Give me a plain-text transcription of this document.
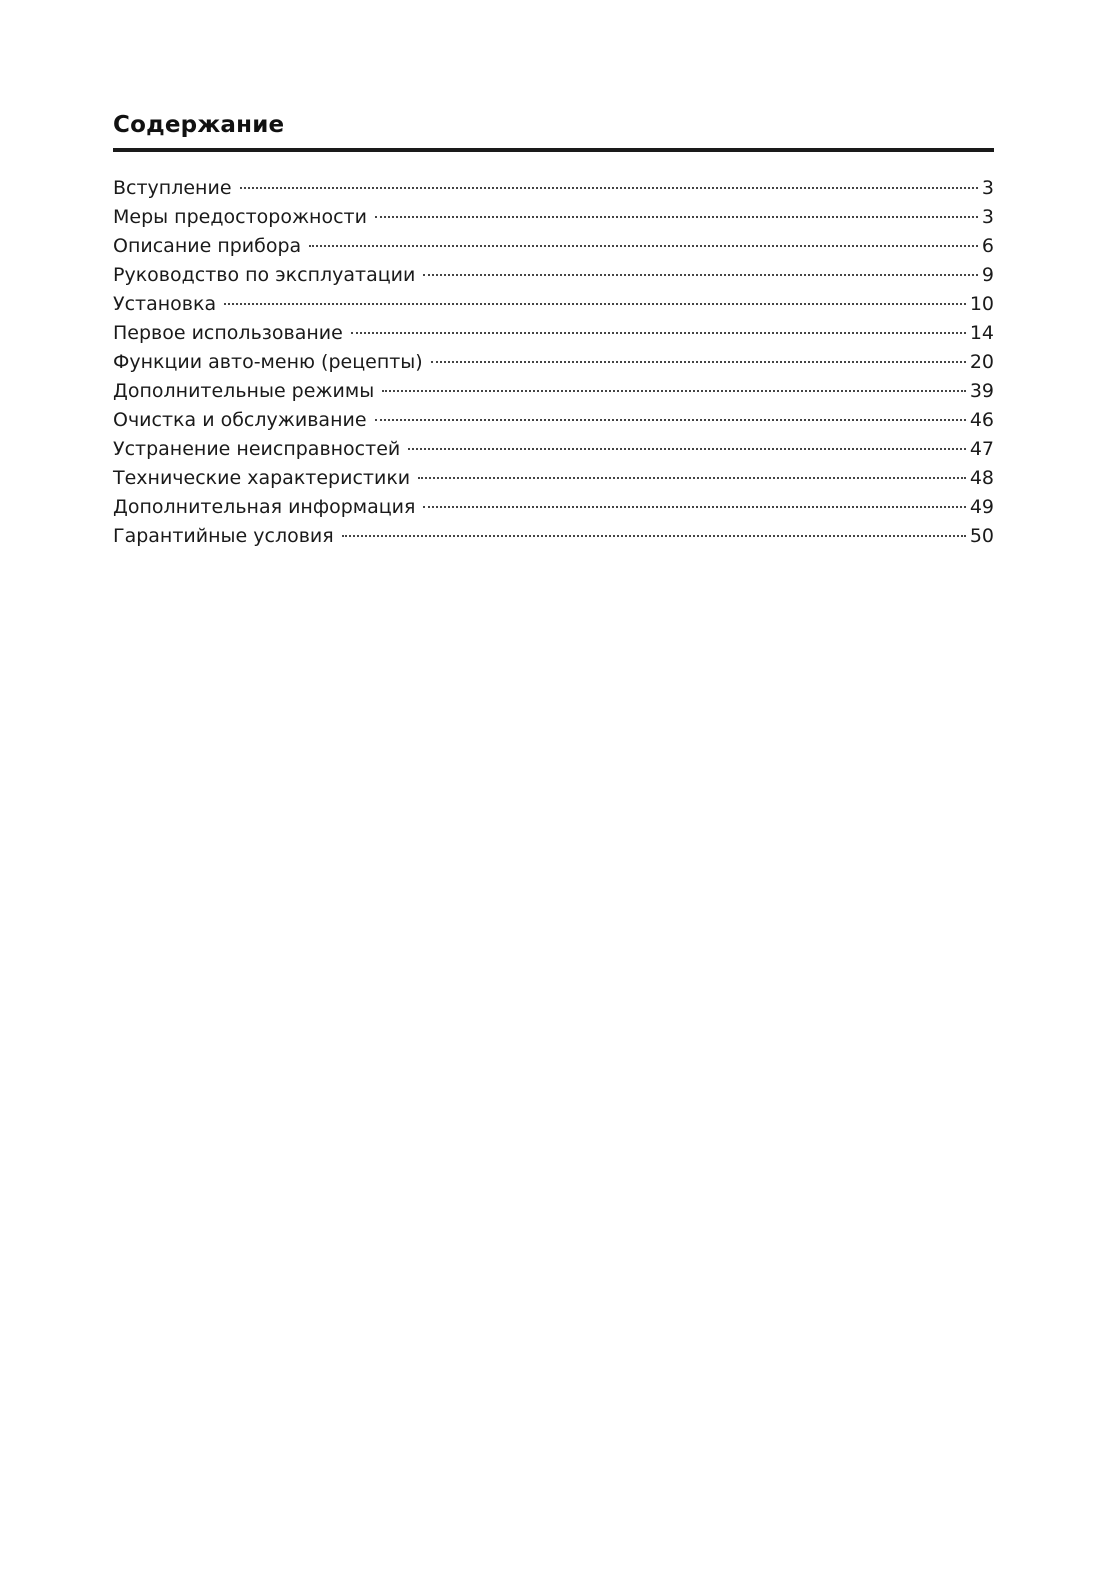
Содержание
Вступление	3
Меры предосторожности	3
Описание прибора	6
Руководство по эксплуатации	9
Установка	10
Первое использование	14
Функции авто-меню (рецепты)	20
Дополнительные режимы	39
Очистка и обслуживание	46
Устранение неисправностей	47
Технические характеристики	48
Дополнительная информация	49
Гарантийные условия	50
